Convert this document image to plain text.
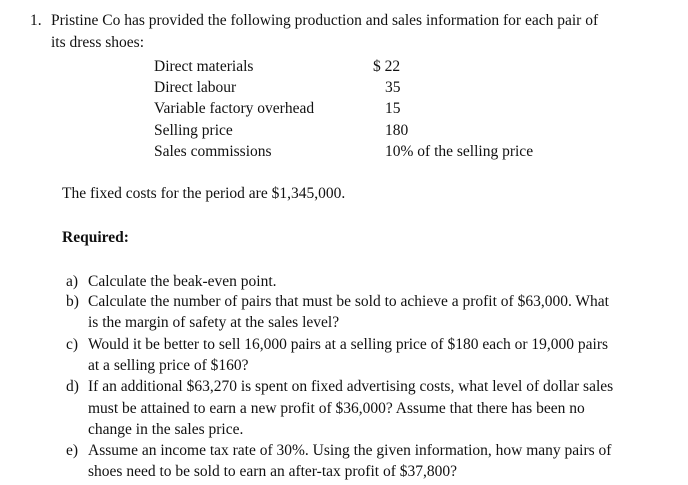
1. Pristine Co has provided the following production and sales information for each pair of
its dress shoes:
Direct materials	$ 22
Direct labour	35
Variable factory overhead	15
Selling price	180
Sales commissions	10% of the selling price
The fixed costs for the period are $1,345,000.
Required:
a) Calculate the beak-even point.
b) Calculate the number of pairs that must be sold to achieve a profit of $63,000. What
is the margin of safety at the sales level?
c) Would it be better to sell 16,000 pairs at a selling price of $180 each or 19,000 pairs
at a selling price of $160?
d) If an additional $63,270 is spent on fixed advertising costs, what level of dollar sales
must be attained to earn a new profit of $36,000? Assume that there has been no
change in the sales price.
e) Assume an income tax rate of 30%. Using the given information, how many pairs of
shoes need to be sold to earn an after-tax profit of $37,800?
